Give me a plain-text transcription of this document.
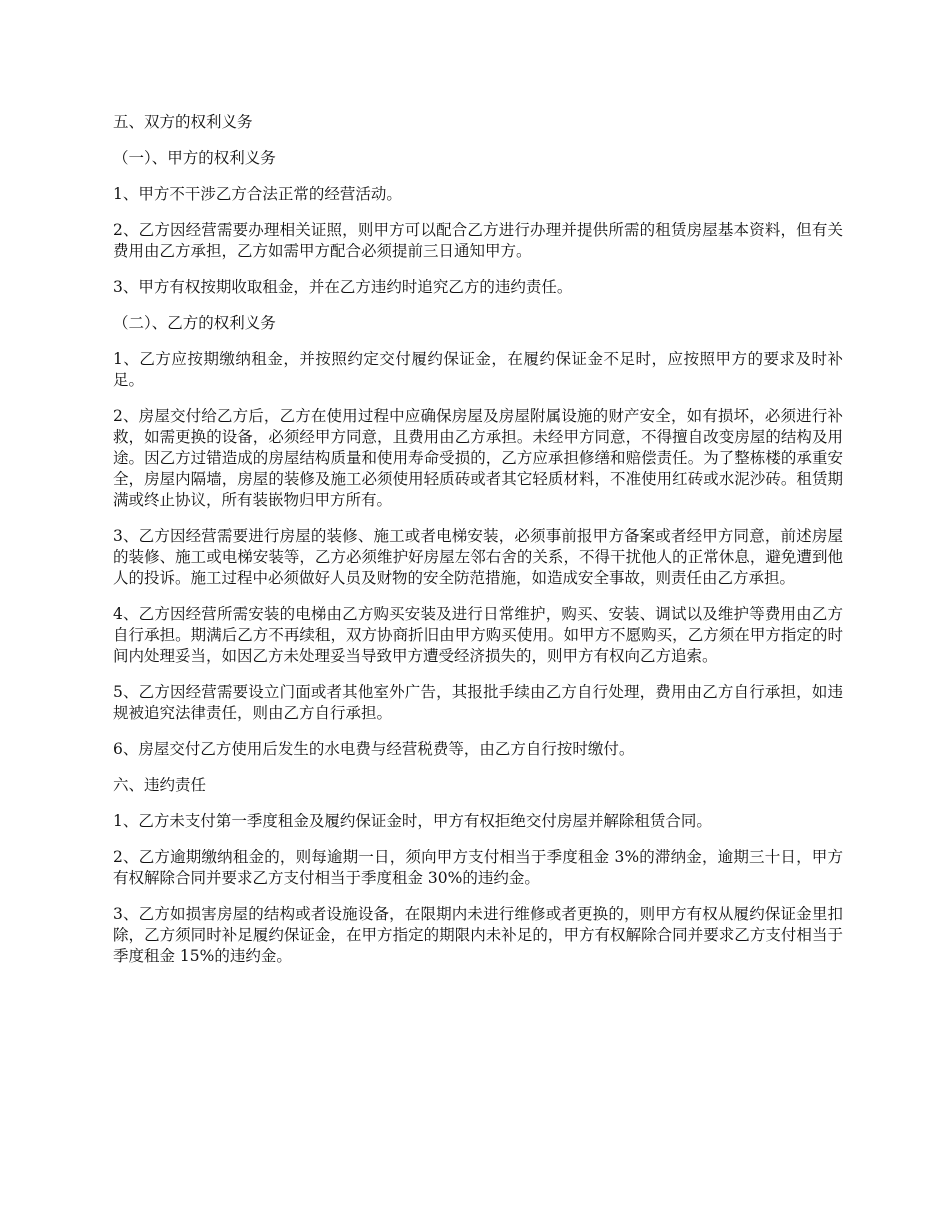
五、双方的权利义务

（一）、甲方的权利义务

1、甲方不干涉乙方合法正常的经营活动。

2、乙方因经营需要办理相关证照，则甲方可以配合乙方进行办理并提供所需的租赁房屋基本资料，但有关费用由乙方承担，乙方如需甲方配合必须提前三日通知甲方。

3、甲方有权按期收取租金，并在乙方违约时追究乙方的违约责任。

（二）、乙方的权利义务

1、乙方应按期缴纳租金，并按照约定交付履约保证金，在履约保证金不足时，应按照甲方的要求及时补足。

2、房屋交付给乙方后，乙方在使用过程中应确保房屋及房屋附属设施的财产安全，如有损坏，必须进行补救，如需更换的设备，必须经甲方同意，且费用由乙方承担。未经甲方同意，不得擅自改变房屋的结构及用途。因乙方过错造成的房屋结构质量和使用寿命受损的，乙方应承担修缮和赔偿责任。为了整栋楼的承重安全，房屋内隔墙，房屋的装修及施工必须使用轻质砖或者其它轻质材料，不准使用红砖或水泥沙砖。租赁期满或终止协议，所有装嵌物归甲方所有。

3、乙方因经营需要进行房屋的装修、施工或者电梯安装，必须事前报甲方备案或者经甲方同意，前述房屋的装修、施工或电梯安装等，乙方必须维护好房屋左邻右舍的关系，不得干扰他人的正常休息，避免遭到他人的投诉。施工过程中必须做好人员及财物的安全防范措施，如造成安全事故，则责任由乙方承担。

4、乙方因经营所需安装的电梯由乙方购买安装及进行日常维护，购买、安装、调试以及维护等费用由乙方自行承担。期满后乙方不再续租，双方协商折旧由甲方购买使用。如甲方不愿购买，乙方须在甲方指定的时间内处理妥当，如因乙方未处理妥当导致甲方遭受经济损失的，则甲方有权向乙方追索。

5、乙方因经营需要设立门面或者其他室外广告，其报批手续由乙方自行处理，费用由乙方自行承担，如违规被追究法律责任，则由乙方自行承担。

6、房屋交付乙方使用后发生的水电费与经营税费等，由乙方自行按时缴付。

六、违约责任

1、乙方未支付第一季度租金及履约保证金时，甲方有权拒绝交付房屋并解除租赁合同。

2、乙方逾期缴纳租金的，则每逾期一日，须向甲方支付相当于季度租金 3%的滞纳金，逾期三十日，甲方有权解除合同并要求乙方支付相当于季度租金 30%的违约金。

3、乙方如损害房屋的结构或者设施设备，在限期内未进行维修或者更换的，则甲方有权从履约保证金里扣除，乙方须同时补足履约保证金，在甲方指定的期限内未补足的，甲方有权解除合同并要求乙方支付相当于季度租金 15%的违约金。
